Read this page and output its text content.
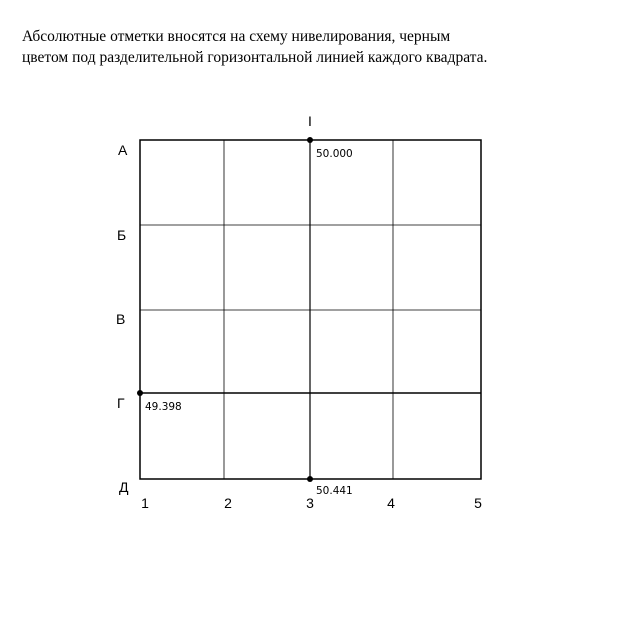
Абсолютные отметки вносятся на схему нивелирования, черным
цветом под разделительной горизонтальной линией каждого квадрата.

I
А
Б
В
Г
Д
1	2	3	4	5
50.000
49.398
50.441
